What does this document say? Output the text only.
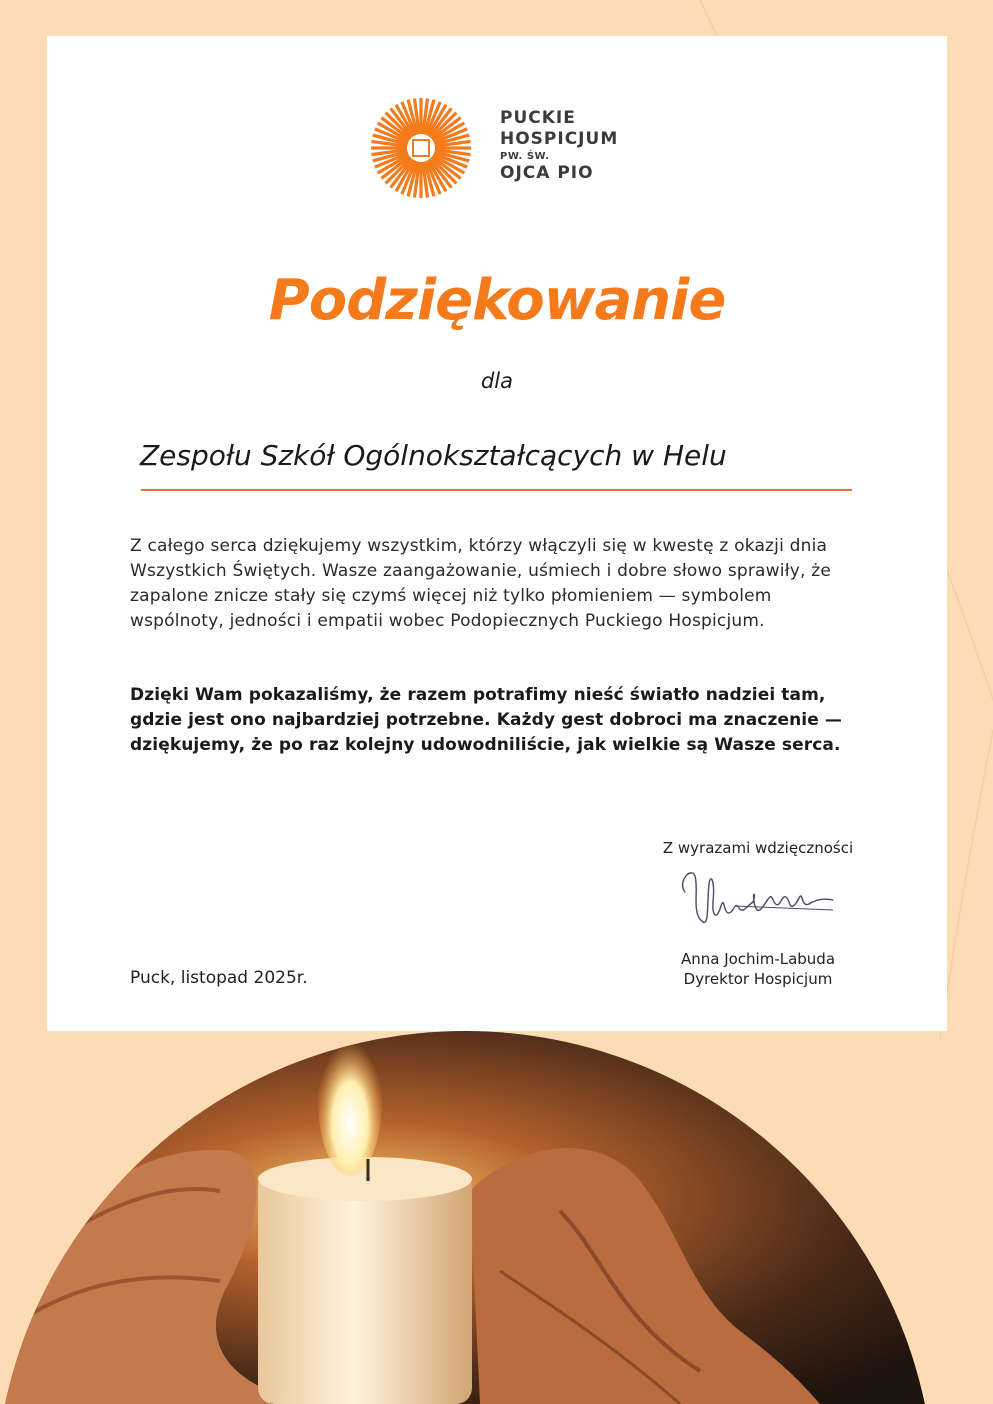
PUCKIE
HOSPICJUM
PW. ŚW.
OJCA PIO
Podziękowanie
dla
Zespołu Szkół Ogólnokształcących w Helu

Z całego serca dziękujemy wszystkim, którzy włączyli się w kwestę z okazji dnia Wszystkich Świętych. Wasze zaangażowanie, uśmiech i dobre słowo sprawiły, że zapalone znicze stały się czymś więcej niż tylko płomieniem — symbolem wspólnoty, jedności i empatii wobec Podopiecznych Puckiego Hospicjum.

Dzięki Wam pokazaliśmy, że razem potrafimy nieść światło nadziei tam, gdzie jest ono najbardziej potrzebne. Każdy gest dobroci ma znaczenie — dziękujemy, że po raz kolejny udowodniliście, jak wielkie są Wasze serca.

Z wyrazami wdzięczności
Anna Jochim-Labuda
Dyrektor Hospicjum
Puck, listopad 2025r.
